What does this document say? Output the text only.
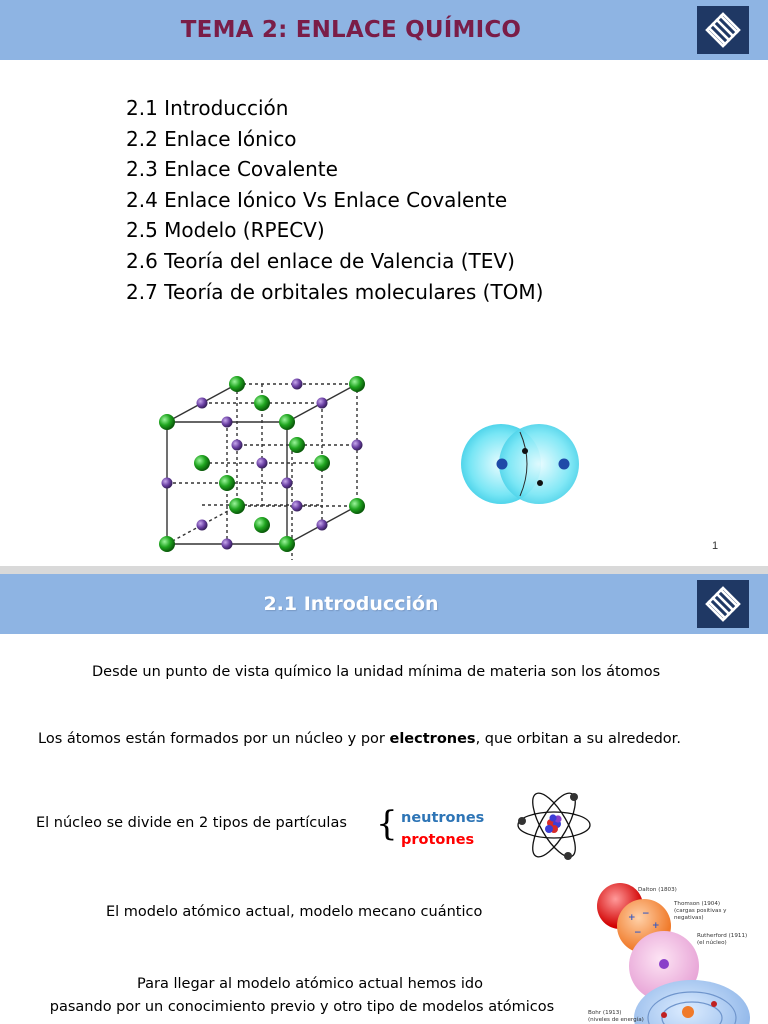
TEMA 2: ENLACE QUÍMICO
2.1 Introducción
2.2 Enlace Iónico
2.3 Enlace Covalente
2.4 Enlace Iónico Vs Enlace Covalente
2.5 Modelo (RPECV)
2.6 Teoría del enlace de Valencia (TEV)
2.7 Teoría de orbitales moleculares (TOM)
1
2.1 Introducción
Desde un punto de vista químico la unidad mínima de materia son los átomos
Los átomos están formados por un núcleo y por electrones, que orbitan a su alrededor.
El núcleo se divide en 2 tipos de partículas { neutrones
protones
El modelo atómico actual, modelo mecano cuántico
Para llegar al modelo atómico actual hemos ido
pasando por un conocimiento previo y otro tipo de modelos atómicos
+ −
+
−
Dalton (1803)
Thomson (1904)
(cargas positivas y
negativas)
Rutherford (1911)
(el núcleo)
Bohr (1913)
(niveles de energía)
